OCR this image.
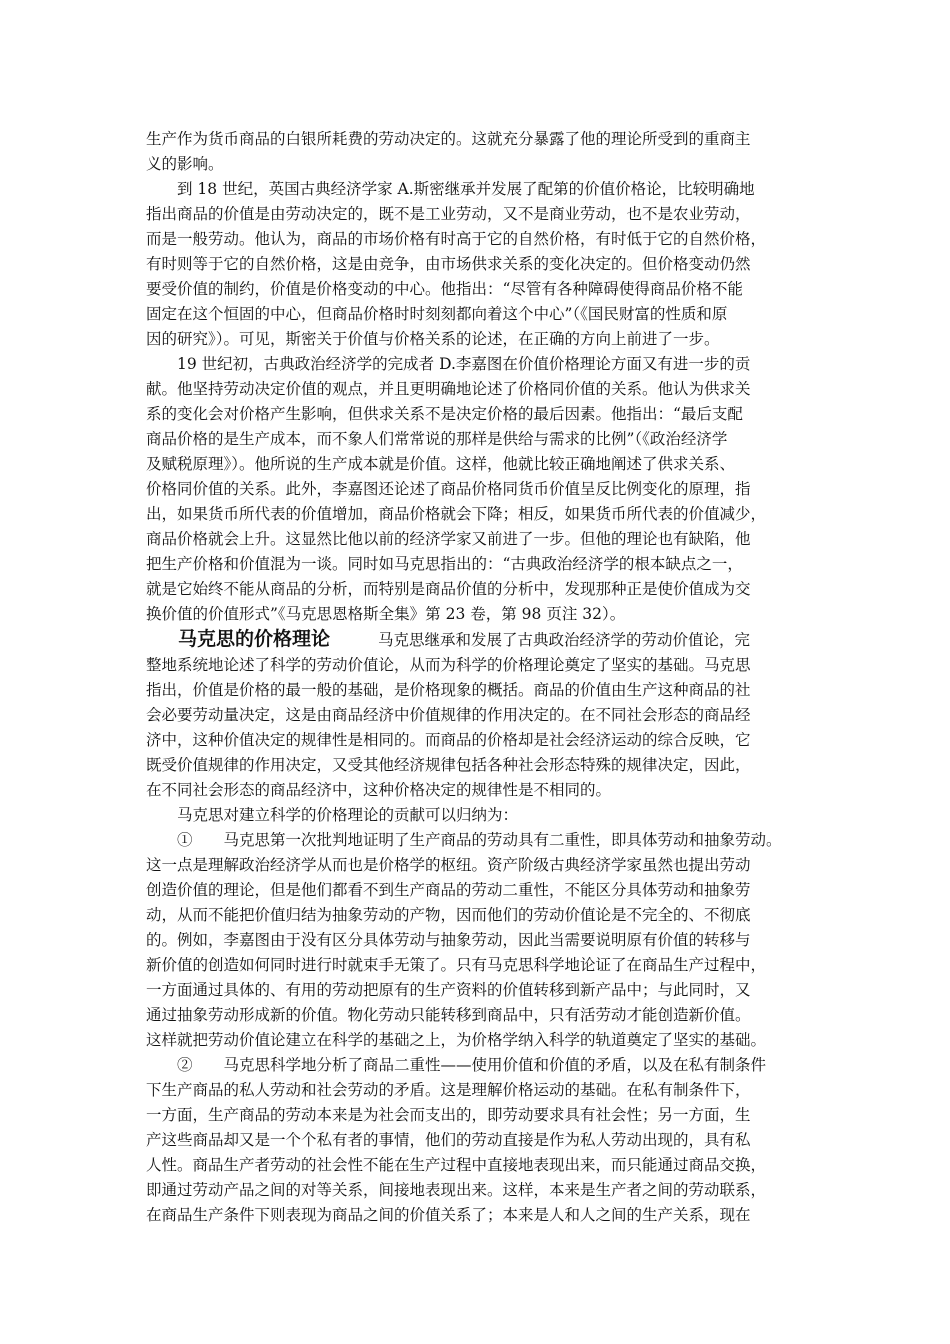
生产作为货币商品的白银所耗费的劳动决定的。这就充分暴露了他的理论所受到的重商主
义的影响。
　　到 18 世纪，英国古典经济学家 A.斯密继承并发展了配第的价值价格论，比较明确地
指出商品的价值是由劳动决定的，既不是工业劳动，又不是商业劳动，也不是农业劳动，
而是一般劳动。他认为，商品的市场价格有时高于它的自然价格，有时低于它的自然价格，
有时则等于它的自然价格，这是由竞争，由市场供求关系的变化决定的。但价格变动仍然
要受价值的制约，价值是价格变动的中心。他指出：“尽管有各种障碍使得商品价格不能
固定在这个恒固的中心，但商品价格时时刻刻都向着这个中心”（《国民财富的性质和原
因的研究》）。可见，斯密关于价值与价格关系的论述，在正确的方向上前进了一步。
　　19 世纪初，古典政治经济学的完成者 D.李嘉图在价值价格理论方面又有进一步的贡
献。他坚持劳动决定价值的观点，并且更明确地论述了价格同价值的关系。他认为供求关
系的变化会对价格产生影响，但供求关系不是决定价格的最后因素。他指出：“最后支配
商品价格的是生产成本，而不象人们常常说的那样是供给与需求的比例”（《政治经济学
及赋税原理》）。他所说的生产成本就是价值。这样，他就比较正确地阐述了供求关系、
价格同价值的关系。此外，李嘉图还论述了商品价格同货币价值呈反比例变化的原理，指
出，如果货币所代表的价值增加，商品价格就会下降；相反，如果货币所代表的价值减少，
商品价格就会上升。这显然比他以前的经济学家又前进了一步。但他的理论也有缺陷，他
把生产价格和价值混为一谈。同时如马克思指出的：“古典政治经济学的根本缺点之一，
就是它始终不能从商品的分析，而特别是商品价值的分析中，发现那种正是使价值成为交
换价值的价值形式”《马克思恩格斯全集》第 23 卷，第 98 页注 32）。
马克思的价格理论	马克思继承和发展了古典政治经济学的劳动价值论，完
整地系统地论述了科学的劳动价值论，从而为科学的价格理论奠定了坚实的基础。马克思
指出，价值是价格的最一般的基础，是价格现象的概括。商品的价值由生产这种商品的社
会必要劳动量决定，这是由商品经济中价值规律的作用决定的。在不同社会形态的商品经
济中，这种价值决定的规律性是相同的。而商品的价格却是社会经济运动的综合反映，它
既受价值规律的作用决定，又受其他经济规律包括各种社会形态特殊的规律决定，因此，
在不同社会形态的商品经济中，这种价格决定的规律性是不相同的。
　　马克思对建立科学的价格理论的贡献可以归纳为：
　　①　　马克思第一次批判地证明了生产商品的劳动具有二重性，即具体劳动和抽象劳动。
这一点是理解政治经济学从而也是价格学的枢纽。资产阶级古典经济学家虽然也提出劳动
创造价值的理论，但是他们都看不到生产商品的劳动二重性，不能区分具体劳动和抽象劳
动，从而不能把价值归结为抽象劳动的产物，因而他们的劳动价值论是不完全的、不彻底
的。例如，李嘉图由于没有区分具体劳动与抽象劳动，因此当需要说明原有价值的转移与
新价值的创造如何同时进行时就束手无策了。只有马克思科学地论证了在商品生产过程中，
一方面通过具体的、有用的劳动把原有的生产资料的价值转移到新产品中；与此同时，又
通过抽象劳动形成新的价值。物化劳动只能转移到商品中，只有活劳动才能创造新价值。
这样就把劳动价值论建立在科学的基础之上，为价格学纳入科学的轨道奠定了坚实的基础。
　　②　　马克思科学地分析了商品二重性——使用价值和价值的矛盾，以及在私有制条件
下生产商品的私人劳动和社会劳动的矛盾。这是理解价格运动的基础。在私有制条件下，
一方面，生产商品的劳动本来是为社会而支出的，即劳动要求具有社会性；另一方面，生
产这些商品却又是一个个私有者的事情，他们的劳动直接是作为私人劳动出现的，具有私
人性。商品生产者劳动的社会性不能在生产过程中直接地表现出来，而只能通过商品交换，
即通过劳动产品之间的对等关系，间接地表现出来。这样，本来是生产者之间的劳动联系，
在商品生产条件下则表现为商品之间的价值关系了；本来是人和人之间的生产关系，现在
